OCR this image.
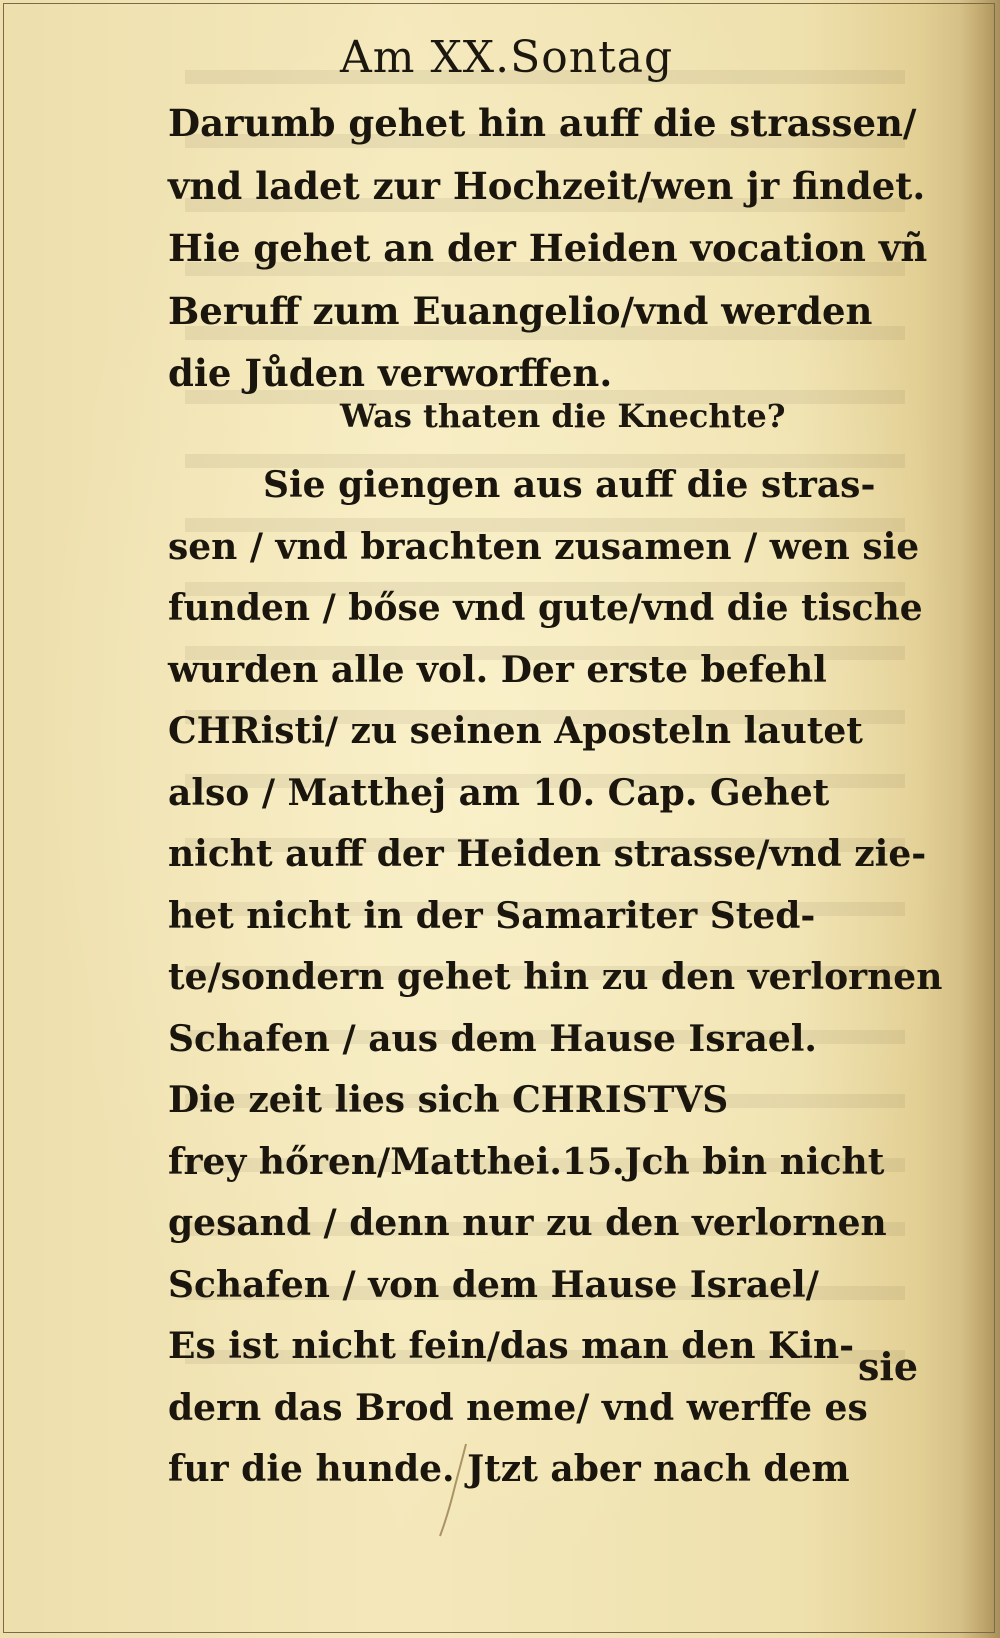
Am XX.Sontag
Darumb gehet hin auff die strassen/
vnd ladet zur Hochzeit/wen jr findet.
Hie gehet an der Heiden vocation vñ
Beruff zum Euangelio/vnd werden
die Jůden verworffen.
Was thaten die Knechte?
Sie giengen aus auff die stras-
sen / vnd brachten zusamen / wen sie
funden / bőse vnd gute/vnd die tische
wurden alle vol. Der erste befehl
CHRisti/ zu seinen Aposteln lautet
also / Matthej am 10. Cap. Gehet
nicht auff der Heiden strasse/vnd zie-
het nicht in der Samariter Sted-
te/sondern gehet hin zu den verlornen
Schafen / aus dem Hause Israel.
Die zeit lies sich CHRISTVS
frey hőren/Matthei.15.Jch bin nicht
gesand / denn nur zu den verlornen
Schafen / von dem Hause Israel/
Es ist nicht fein/das man den Kin-
dern das Brod neme/ vnd werffe es
fur die hunde. Jtzt aber nach dem
sie
